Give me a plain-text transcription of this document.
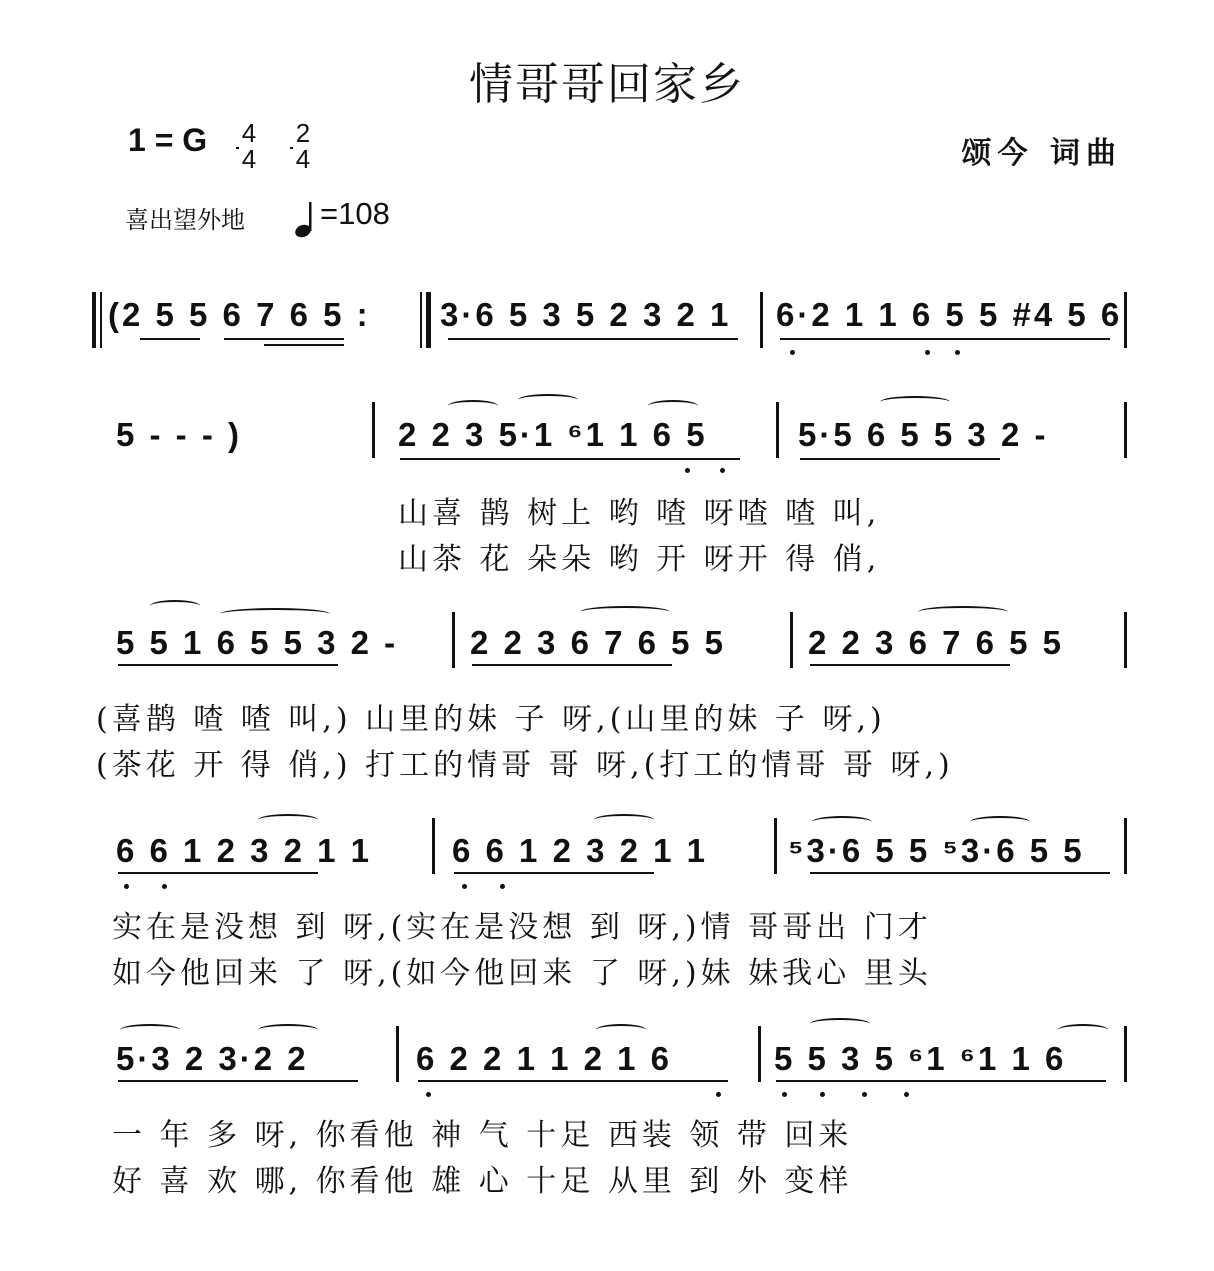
情哥哥回家乡
1 = G 4
4
2
4	颂今 词曲
喜出望外地 =108
(2 5 5 6 7 6 5 : 3·6 5 3 5 2 3 2 1 6·2 1 1 6 5 5 #4 5 6
5 - - - )	2 2 3 5·1 ⁶1 1 6 5	5·5 6 5 5 3 2 -
山喜 鹊 树上 哟 喳 呀喳 喳 叫,
山茶 花 朵朵 哟 开 呀开 得 俏,
5 5 1 6 5 5 3 2 - 2 2 3 6 7 6 5 5 2 2 3 6 7 6 5 5
(喜鹊 喳 喳 叫,) 山里的妹 子 呀,(山里的妹 子 呀,)
(茶花 开 得 俏,) 打工的情哥 哥 呀,(打工的情哥 哥 呀,)
6 6 1 2 3 2 1 1 6 6 1 2 3 2 1 1 ⁵3·6 5 5 ⁵3·6 5 5
实在是没想 到 呀,(实在是没想 到 呀,)情 哥哥出 门才
如今他回来 了 呀,(如今他回来 了 呀,)妹 妹我心 里头
5·3 2 3·2 2	6 2 2 1 1 2 1 6	5 5 3 5 ⁶1 ⁶1 1 6
一 年 多 呀, 你看他 神 气 十足 西装 领 带 回来
好 喜 欢 哪, 你看他 雄 心 十足 从里 到 外 变样
